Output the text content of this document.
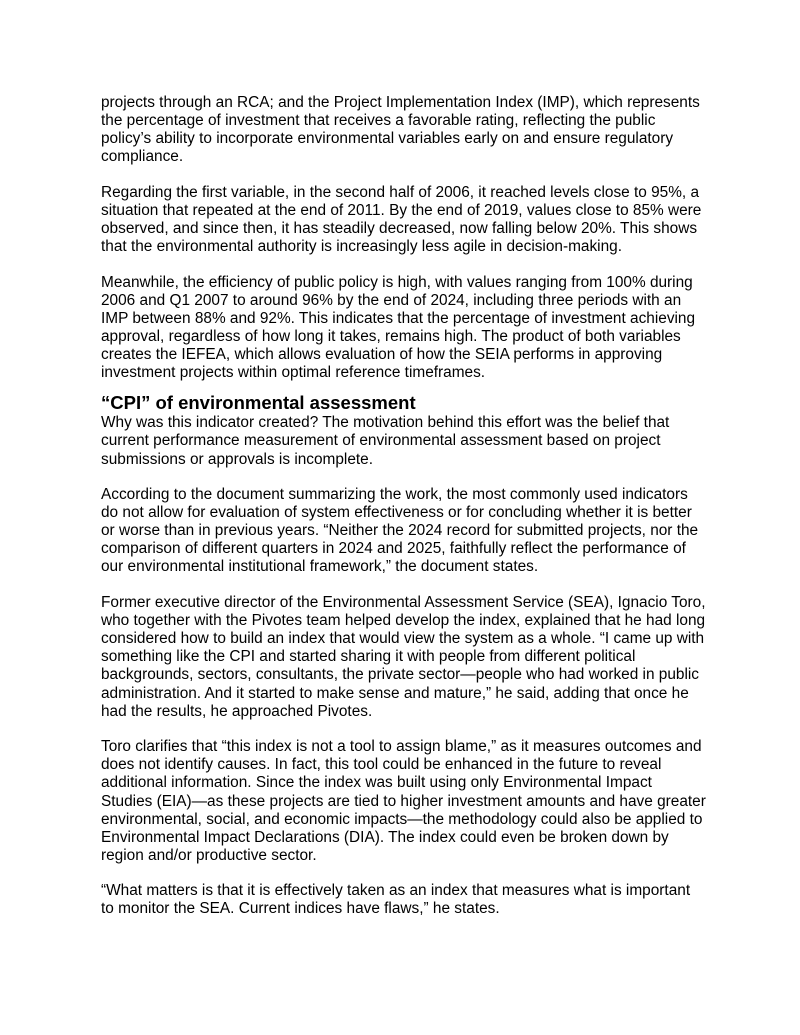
projects through an RCA; and the Project Implementation Index (IMP), which represents the percentage of investment that receives a favorable rating, reflecting the public policy’s ability to incorporate environmental variables early on and ensure regulatory compliance.

Regarding the first variable, in the second half of 2006, it reached levels close to 95%, a situation that repeated at the end of 2011. By the end of 2019, values close to 85% were observed, and since then, it has steadily decreased, now falling below 20%. This shows that the environmental authority is increasingly less agile in decision-making.

Meanwhile, the efficiency of public policy is high, with values ranging from 100% during 2006 and Q1 2007 to around 96% by the end of 2024, including three periods with an IMP between 88% and 92%. This indicates that the percentage of investment achieving approval, regardless of how long it takes, remains high. The product of both variables creates the IEFEA, which allows evaluation of how the SEIA performs in approving investment projects within optimal reference timeframes.

“CPI” of environmental assessment

Why was this indicator created? The motivation behind this effort was the belief that current performance measurement of environmental assessment based on project submissions or approvals is incomplete.

According to the document summarizing the work, the most commonly used indicators do not allow for evaluation of system effectiveness or for concluding whether it is better or worse than in previous years. “Neither the 2024 record for submitted projects, nor the comparison of different quarters in 2024 and 2025, faithfully reflect the performance of our environmental institutional framework,” the document states.

Former executive director of the Environmental Assessment Service (SEA), Ignacio Toro, who together with the Pivotes team helped develop the index, explained that he had long considered how to build an index that would view the system as a whole. “I came up with something like the CPI and started sharing it with people from different political backgrounds, sectors, consultants, the private sector—people who had worked in public administration. And it started to make sense and mature,” he said, adding that once he had the results, he approached Pivotes.

Toro clarifies that “this index is not a tool to assign blame,” as it measures outcomes and does not identify causes. In fact, this tool could be enhanced in the future to reveal additional information. Since the index was built using only Environmental Impact Studies (EIA)—as these projects are tied to higher investment amounts and have greater environmental, social, and economic impacts—the methodology could also be applied to Environmental Impact Declarations (DIA). The index could even be broken down by region and/or productive sector.

“What matters is that it is effectively taken as an index that measures what is important to monitor the SEA. Current indices have flaws,” he states.
